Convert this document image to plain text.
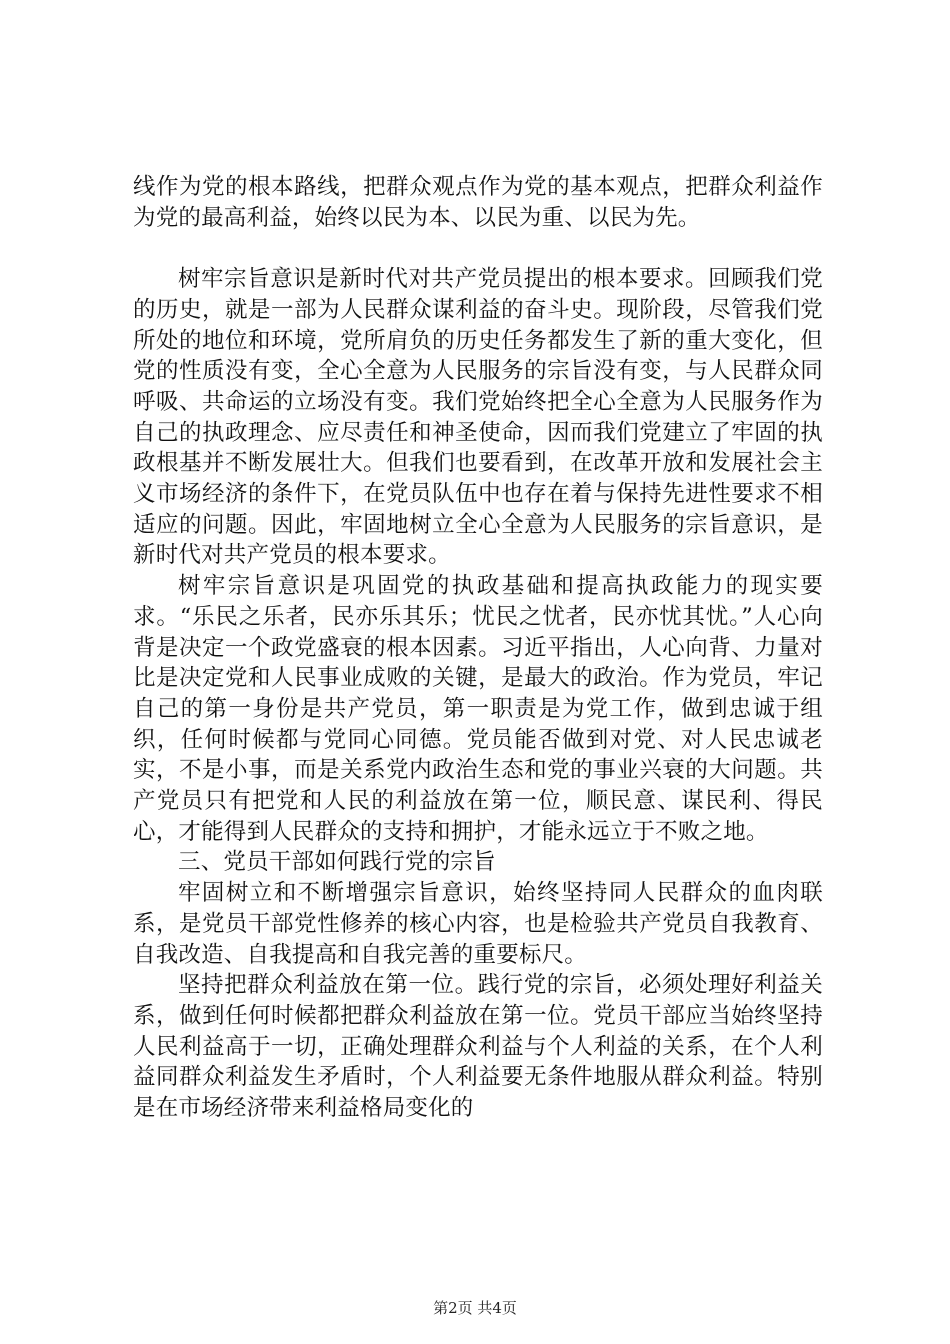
线作为党的根本路线，把群众观点作为党的基本观点，把群众利益作为党的最高利益，始终以民为本、以民为重、以民为先。

树牢宗旨意识是新时代对共产党员提出的根本要求。回顾我们党的历史，就是一部为人民群众谋利益的奋斗史。现阶段，尽管我们党所处的地位和环境，党所肩负的历史任务都发生了新的重大变化，但党的性质没有变，全心全意为人民服务的宗旨没有变，与人民群众同呼吸、共命运的立场没有变。我们党始终把全心全意为人民服务作为自己的执政理念、应尽责任和神圣使命，因而我们党建立了牢固的执政根基并不断发展壮大。但我们也要看到，在改革开放和发展社会主义市场经济的条件下，在党员队伍中也存在着与保持先进性要求不相适应的问题。因此，牢固地树立全心全意为人民服务的宗旨意识，是新时代对共产党员的根本要求。

树牢宗旨意识是巩固党的执政基础和提高执政能力的现实要求。“乐民之乐者，民亦乐其乐；忧民之忧者，民亦忧其忧。”人心向背是决定一个政党盛衰的根本因素。习近平指出，人心向背、力量对比是决定党和人民事业成败的关键，是最大的政治。作为党员，牢记自己的第一身份是共产党员，第一职责是为党工作，做到忠诚于组织，任何时候都与党同心同德。党员能否做到对党、对人民忠诚老实，不是小事，而是关系党内政治生态和党的事业兴衰的大问题。共产党员只有把党和人民的利益放在第一位，顺民意、谋民利、得民心，才能得到人民群众的支持和拥护，才能永远立于不败之地。

三、党员干部如何践行党的宗旨

牢固树立和不断增强宗旨意识，始终坚持同人民群众的血肉联系，是党员干部党性修养的核心内容，也是检验共产党员自我教育、自我改造、自我提高和自我完善的重要标尺。

坚持把群众利益放在第一位。践行党的宗旨，必须处理好利益关系，做到任何时候都把群众利益放在第一位。党员干部应当始终坚持人民利益高于一切，正确处理群众利益与个人利益的关系，在个人利益同群众利益发生矛盾时，个人利益要无条件地服从群众利益。特别是在市场经济带来利益格局变化的

第2页 共4页
